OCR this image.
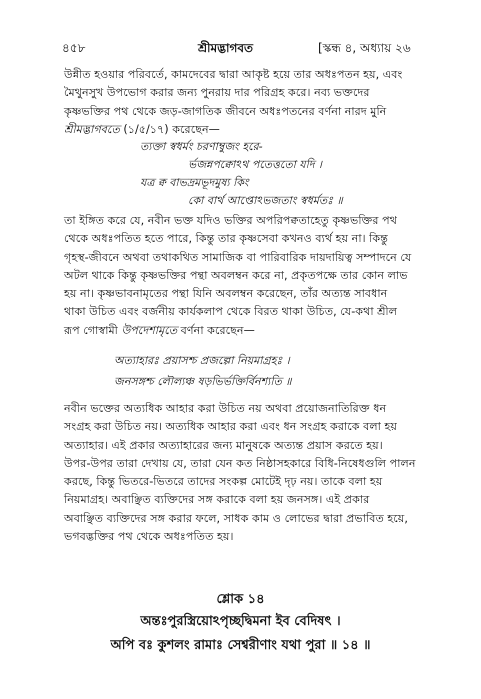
৪৫৮	শ্রীমদ্ভাগবত	[স্কন্ধ ৪, অধ্যায় ২৬
উন্নীত হওয়ার পরিবর্তে, কামদেবের দ্বারা আকৃষ্ট হয়ে তার অধঃপতন হয়, এবং
মৈথুনসুখ উপভোগ করার জন্য পুনরায় দার পরিগ্রহ করে। নব্য ভক্তদের
কৃষ্ণভক্তির পথ থেকে জড়-জাগতিক জীবনে অধঃপতনের বর্ণনা নারদ মুনি
শ্রীমদ্ভাগবতে (১/৫/১৭) করেছেন—
ত্যক্তা স্বধর্মং চরণাম্বুজং হরে-
র্ভজন্নপক্বোঽথ পতেত্ততো যদি ।
যত্র ক্ব বাভদ্রমভূদমুষ্য কিং
কো বার্থ আপ্তোঽভজতাং স্বধর্মতঃ ॥
তা ইঙ্গিত করে যে, নবীন ভক্ত যদিও ভক্তির অপরিপক্বতাহেতু কৃষ্ণভক্তির পথ
থেকে অধঃপতিত হতে পারে, কিন্তু তার কৃষ্ণসেবা কখনও ব্যর্থ হয় না। কিন্তু
গৃহস্থ-জীবনে অথবা তথাকথিত সামাজিক বা পারিবারিক দায়দায়িত্ব সম্পাদনে যে
অটল থাকে কিন্তু কৃষ্ণভক্তির পন্থা অবলম্বন করে না, প্রকৃতপক্ষে তার কোন লাভ
হয় না। কৃষ্ণভাবনামৃতের পন্থা যিনি অবলম্বন করেছেন, তাঁর অত্যন্ত সাবধান
থাকা উচিত এবং বর্জনীয় কার্যকলাপ থেকে বিরত থাকা উচিত, যে-কথা শ্রীল
রূপ গোস্বামী উপদেশামৃতে বর্ণনা করেছেন—
অত্যাহারঃ প্রয়াসশ্চ প্রজল্পো নিয়মাগ্রহঃ ।
জনসঙ্গশ্চ লৌল্যঞ্চ ষড়ভির্ভক্তির্বিনশ্যতি ॥
নবীন ভক্তের অত্যধিক আহার করা উচিত নয় অথবা প্রয়োজনাতিরিক্ত ধন
সংগ্রহ করা উচিত নয়। অত্যধিক আহার করা এবং ধন সংগ্রহ করাকে বলা হয়
অত্যাহার। এই প্রকার অত্যাহারের জন্য মানুষকে অত্যন্ত প্রয়াস করতে হয়।
উপর-উপর তারা দেখায় যে, তারা যেন কত নিষ্ঠাসহকারে বিধি-নিষেধগুলি পালন
করছে, কিন্তু ভিতরে-ভিতরে তাদের সংকল্প মোটেই দৃঢ় নয়। তাকে বলা হয়
নিয়মাগ্রহ। অবাঞ্ছিত ব্যক্তিদের সঙ্গ করাকে বলা হয় জনসঙ্গ। এই প্রকার
অবাঞ্ছিত ব্যক্তিদের সঙ্গ করার ফলে, সাধক কাম ও লোভের দ্বারা প্রভাবিত হয়ে,
ভগবদ্ভক্তির পথ থেকে অধঃপতিত হয়।
শ্লোক ১৪
অন্তঃপুরস্ত্রিয়োঽপৃচ্ছদ্বিমনা ইব বেদিষৎ ।
অপি বঃ কুশলং রামাঃ সেশ্বরীণাং যথা পুরা ॥ ১৪ ॥
